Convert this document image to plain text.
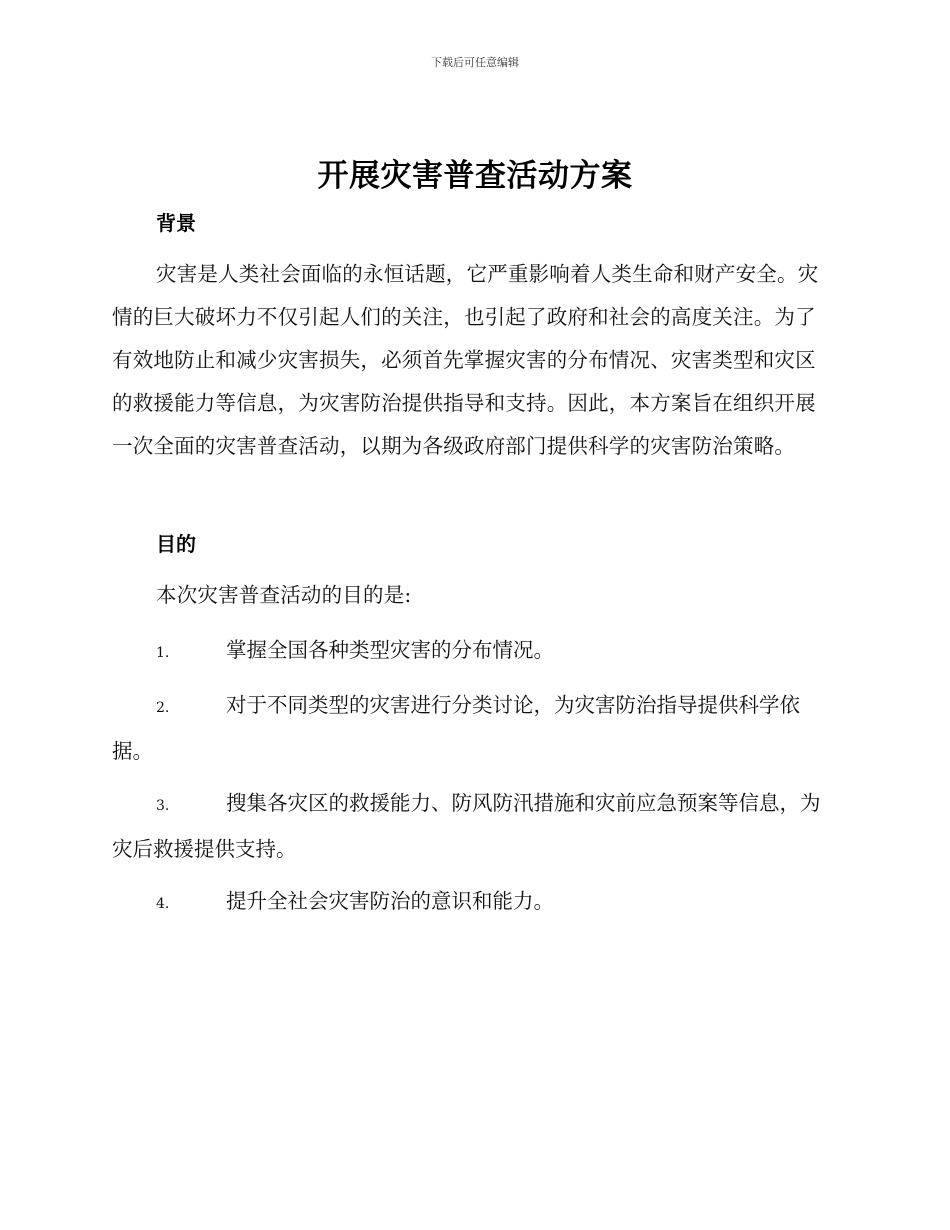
下载后可任意编辑
开展灾害普查活动方案
背景

灾害是人类社会面临的永恒话题，它严重影响着人类生命和财产安全。灾情的巨大破坏力不仅引起人们的关注，也引起了政府和社会的高度关注。为了有效地防止和减少灾害损失，必须首先掌握灾害的分布情况、灾害类型和灾区的救援能力等信息，为灾害防治提供指导和支持。因此，本方案旨在组织开展一次全面的灾害普查活动，以期为各级政府部门提供科学的灾害防治策略。

目的

本次灾害普查活动的目的是:

1.	掌握全国各种类型灾害的分布情况。

2.	对于不同类型的灾害进行分类讨论，为灾害防治指导提供科学依据。

3.	搜集各灾区的救援能力、防风防汛措施和灾前应急预案等信息，为灾后救援提供支持。

4.	提升全社会灾害防治的意识和能力。
